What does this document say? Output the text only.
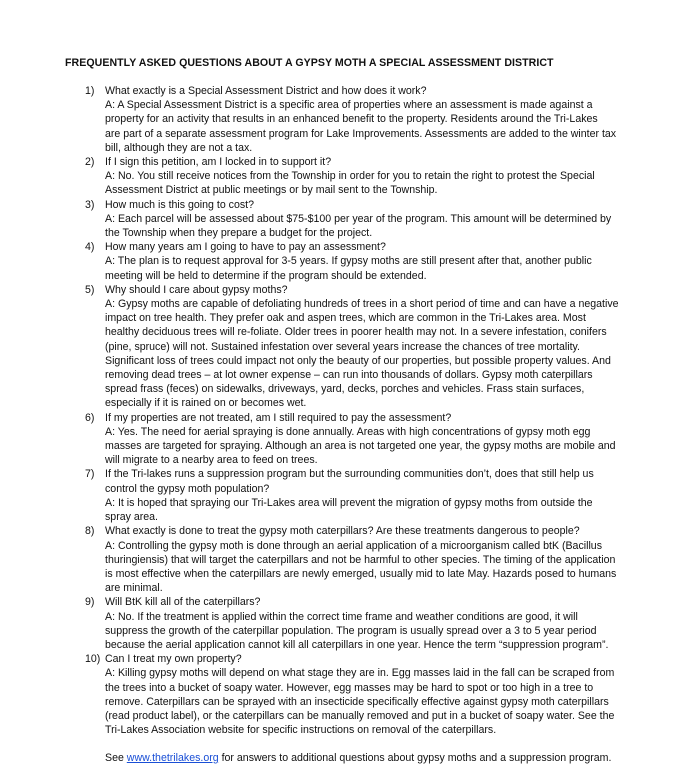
FREQUENTLY ASKED QUESTIONS ABOUT A GYPSY MOTH A SPECIAL ASSESSMENT DISTRICT
1) What exactly is a Special Assessment District and how does it work?
A: A Special Assessment District is a specific area of properties where an assessment is made against a
property for an activity that results in an enhanced benefit to the property. Residents around the Tri-Lakes
are part of a separate assessment program for Lake Improvements. Assessments are added to the winter tax
bill, although they are not a tax.
2) If I sign this petition, am I locked in to support it?
A: No. You still receive notices from the Township in order for you to retain the right to protest the Special
Assessment District at public meetings or by mail sent to the Township.
3) How much is this going to cost?
A: Each parcel will be assessed about $75-$100 per year of the program. This amount will be determined by
the Township when they prepare a budget for the project.
4) How many years am I going to have to pay an assessment?
A: The plan is to request approval for 3-5 years. If gypsy moths are still present after that, another public
meeting will be held to determine if the program should be extended.
5) Why should I care about gypsy moths?
A: Gypsy moths are capable of defoliating hundreds of trees in a short period of time and can have a negative
impact on tree health. They prefer oak and aspen trees, which are common in the Tri-Lakes area. Most
healthy deciduous trees will re-foliate. Older trees in poorer health may not. In a severe infestation, conifers
(pine, spruce) will not. Sustained infestation over several years increase the chances of tree mortality.
Significant loss of trees could impact not only the beauty of our properties, but possible property values. And
removing dead trees – at lot owner expense – can run into thousands of dollars. Gypsy moth caterpillars
spread frass (feces) on sidewalks, driveways, yard, decks, porches and vehicles. Frass stain surfaces,
especially if it is rained on or becomes wet.
6) If my properties are not treated, am I still required to pay the assessment?
A: Yes. The need for aerial spraying is done annually. Areas with high concentrations of gypsy moth egg
masses are targeted for spraying. Although an area is not targeted one year, the gypsy moths are mobile and
will migrate to a nearby area to feed on trees.
7) If the Tri-lakes runs a suppression program but the surrounding communities don’t, does that still help us
control the gypsy moth population?
A: It is hoped that spraying our Tri-Lakes area will prevent the migration of gypsy moths from outside the
spray area.
8) What exactly is done to treat the gypsy moth caterpillars? Are these treatments dangerous to people?
A: Controlling the gypsy moth is done through an aerial application of a microorganism called btK (Bacillus
thuringiensis) that will target the caterpillars and not be harmful to other species. The timing of the application
is most effective when the caterpillars are newly emerged, usually mid to late May. Hazards posed to humans
are minimal.
9) Will BtK kill all of the caterpillars?
A: No. If the treatment is applied within the correct time frame and weather conditions are good, it will
suppress the growth of the caterpillar population. The program is usually spread over a 3 to 5 year period
because the aerial application cannot kill all caterpillars in one year. Hence the term “suppression program”.
10) Can I treat my own property?
A: Killing gypsy moths will depend on what stage they are in. Egg masses laid in the fall can be scraped from
the trees into a bucket of soapy water. However, egg masses may be hard to spot or too high in a tree to
remove. Caterpillars can be sprayed with an insecticide specifically effective against gypsy moth caterpillars
(read product label), or the caterpillars can be manually removed and put in a bucket of soapy water. See the
Tri-Lakes Association website for specific instructions on removal of the caterpillars.
See www.thetrilakes.org for answers to additional questions about gypsy moths and a suppression program.
